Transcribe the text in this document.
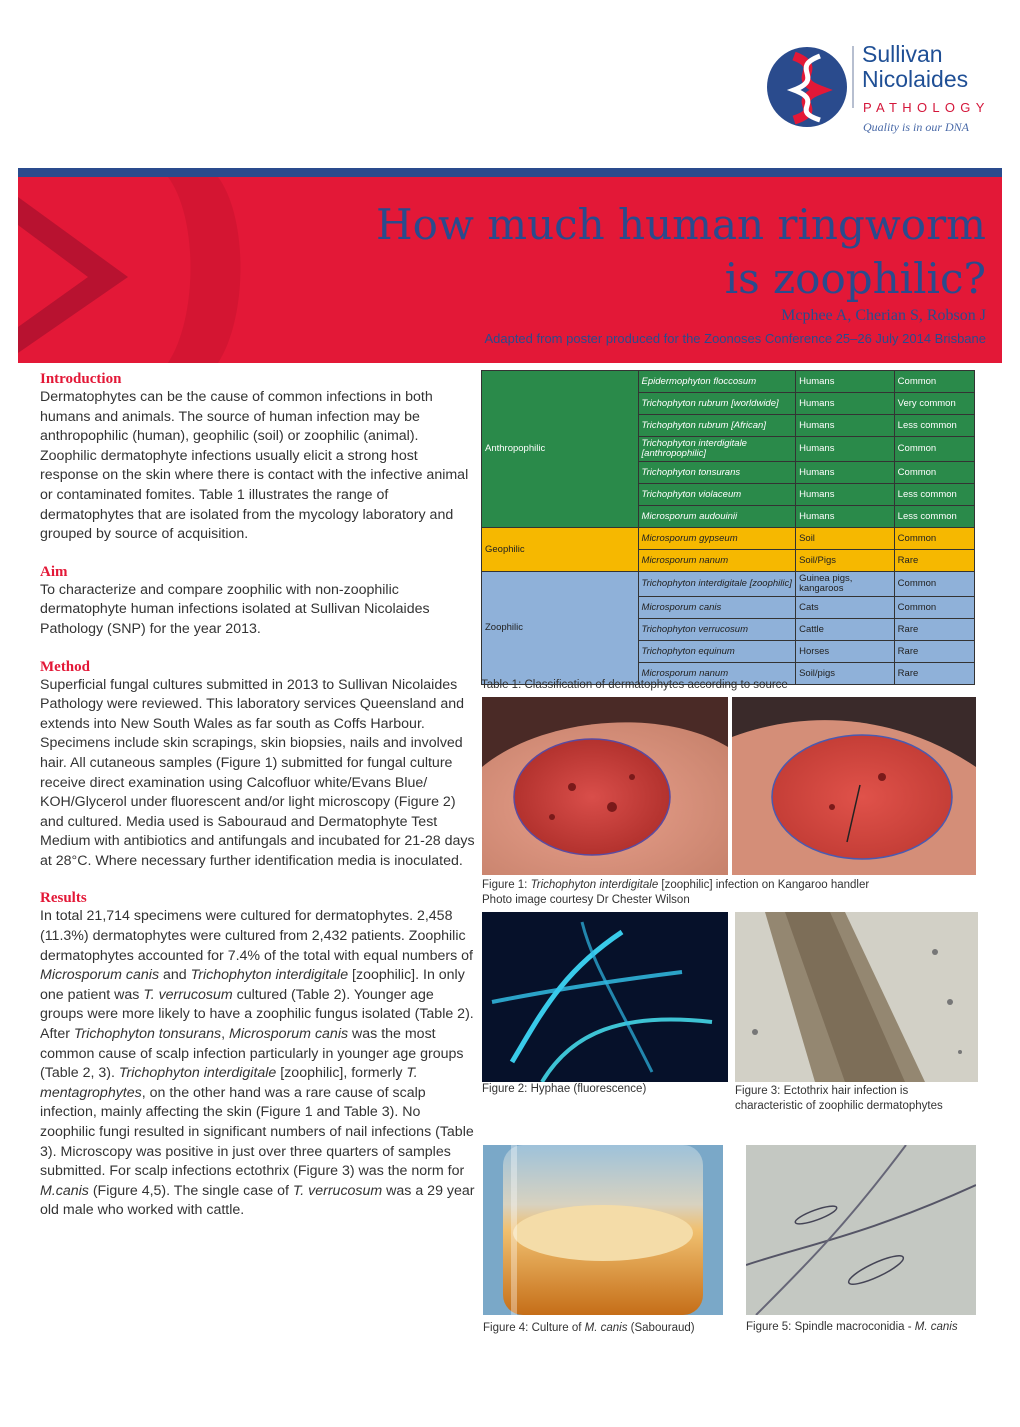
Sullivan
Nicolaides
PATHOLOGY
Quality is in our DNA
How much human ringworm
is zoophilic?
Mcphee A, Cherian S, Robson J
Adapted from poster produced for the Zoonoses Conference 25–26 July 2014 Brisbane
Introduction

Dermatophytes can be the cause of common infections in both humans and animals. The source of human infection may be anthropophilic (human), geophilic (soil) or zoophilic (animal). Zoophilic dermatophyte infections usually elicit a strong host response on the skin where there is contact with the infective animal or contaminated fomites. Table 1 illustrates the range of dermatophytes that are isolated from the mycology laboratory and grouped by source of acquisition.

Aim

To characterize and compare zoophilic with non-zoophilic dermatophyte human infections isolated at Sullivan Nicolaides Pathology (SNP) for the year 2013.

Method

Superficial fungal cultures submitted in 2013 to Sullivan Nicolaides Pathology were reviewed. This laboratory services Queensland and extends into New South Wales as far south as Coffs Harbour. Specimens include skin scrapings, skin biopsies, nails and involved hair. All cutaneous samples (Figure 1) submitted for fungal culture receive direct examination using Calcofluor white/Evans Blue/ KOH/Glycerol under fluorescent and/or light microscopy (Figure 2) and cultured. Media used is Sabouraud and Dermatophyte Test Medium with antibiotics and antifungals and incubated for 21-28 days at 28°C. Where necessary further identification media is inoculated.

Results

In total 21,714 specimens were cultured for dermatophytes. 2,458 (11.3%) dermatophytes were cultured from 2,432 patients. Zoophilic dermatophytes accounted for 7.4% of the total with equal numbers of Microsporum canis and Trichophyton interdigitale [zoophilic]. In only one patient was T. verrucosum cultured (Table 2). Younger age groups were more likely to have a zoophilic fungus isolated (Table 2). After Trichophyton tonsurans, Microsporum canis was the most common cause of scalp infection particularly in younger age groups (Table 2, 3). Trichophyton interdigitale [zoophilic], formerly T. mentagrophytes, on the other hand was a rare cause of scalp infection, mainly affecting the skin (Figure 1 and Table 3). No zoophilic fungi resulted in significant numbers of nail infections (Table 3). Microscopy was positive in just over three quarters of samples submitted. For scalp infections ectothrix (Figure 3) was the norm for M.canis (Figure 4,5). The single case of T. verrucosum was a 29 year old male who worked with cattle.

Anthropophilic	Epidermophyton floccosum	Humans	Common
	Trichophyton rubrum [worldwide]	Humans	Very common
	Trichophyton rubrum [African]	Humans	Less common
	Trichophyton interdigitale [anthropophilic]	Humans	Common
	Trichophyton tonsurans	Humans	Common
	Trichophyton violaceum	Humans	Less common
	Microsporum audouinii	Humans	Less common
Geophilic	Microsporum gypseum	Soil	Common
	Microsporum nanum	Soil/Pigs	Rare
Zoophilic	Trichophyton interdigitale [zoophilic]	Guinea pigs, kangaroos	Common
	Microsporum canis	Cats	Common
	Trichophyton verrucosum	Cattle	Rare
	Trichophyton equinum	Horses	Rare
	Microsporum nanum	Soil/pigs	Rare
Table 1: Classification of dermatophytes according to source
Figure 1: Trichophyton interdigitale [zoophilic] infection on Kangaroo handler
Photo image courtesy Dr Chester Wilson
Figure 2: Hyphae (fluorescence)	Figure 3: Ectothrix hair infection is characteristic of zoophilic dermatophytes
Figure 4: Culture of M. canis (Sabouraud)	Figure 5: Spindle macroconidia - M. canis
